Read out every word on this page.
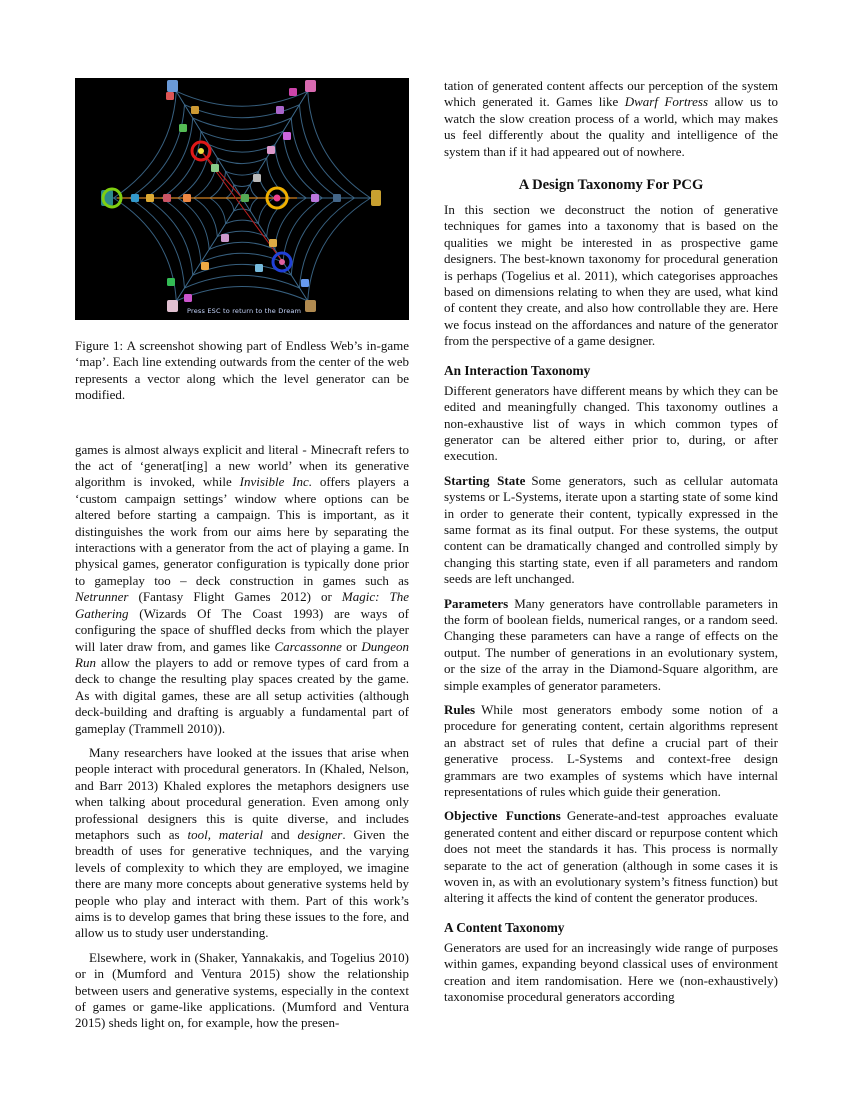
Press ESC to return to the Dream

Figure 1: A screenshot showing part of Endless Web’s in-game ‘map’. Each line extending outwards from the center of the web represents a vector along which the level generator can be modified.

games is almost always explicit and literal - Minecraft refers to the act of ‘generat[ing] a new world’ when its generative algorithm is invoked, while Invisible Inc. offers players a ‘custom campaign settings’ window where options can be altered before starting a campaign. This is important, as it distinguishes the work from our aims here by separating the interactions with a generator from the act of playing a game. In physical games, generator configuration is typically done prior to gameplay too – deck construction in games such as Netrunner (Fantasy Flight Games 2012) or Magic: The Gathering (Wizards Of The Coast 1993) are ways of configuring the space of shuffled decks from which the player will later draw from, and games like Carcassonne or Dungeon Run allow the players to add or remove types of card from a deck to change the resulting play spaces created by the game. As with digital games, these are all setup activities (although deck-building and drafting is arguably a fundamental part of gameplay (Trammell 2010)).

Many researchers have looked at the issues that arise when people interact with procedural generators. In (Khaled, Nelson, and Barr 2013) Khaled explores the metaphors designers use when talking about procedural generation. Even among only professional designers this is quite diverse, and includes metaphors such as tool, material and designer. Given the breadth of uses for generative techniques, and the varying levels of complexity to which they are employed, we imagine there are many more concepts about generative systems held by people who play and interact with them. Part of this work’s aims is to develop games that bring these issues to the fore, and allow us to study user understanding.

Elsewhere, work in (Shaker, Yannakakis, and Togelius 2010) or in (Mumford and Ventura 2015) show the relationship between users and generative systems, especially in the context of games or game-like applications. (Mumford and Ventura 2015) sheds light on, for example, how the presen-

tation of generated content affects our perception of the system which generated it. Games like Dwarf Fortress allow us to watch the slow creation process of a world, which may makes us feel differently about the quality and intelligence of the system than if it had appeared out of nowhere.

A Design Taxonomy For PCG

In this section we deconstruct the notion of generative techniques for games into a taxonomy that is based on the qualities we might be interested in as prospective game designers. The best-known taxonomy for procedural generation is perhaps (Togelius et al. 2011), which categorises approaches based on dimensions relating to when they are used, what kind of content they create, and also how controllable they are. Here we focus instead on the affordances and nature of the generator from the perspective of a game designer.

An Interaction Taxonomy

Different generators have different means by which they can be edited and meaningfully changed. This taxonomy outlines a non-exhaustive list of ways in which common types of generator can be altered either prior to, during, or after execution.

Starting State Some generators, such as cellular automata systems or L-Systems, iterate upon a starting state of some kind in order to generate their content, typically expressed in the same format as its final output. For these systems, the output content can be dramatically changed and controlled simply by changing this starting state, even if all parameters and random seeds are left unchanged.

Parameters Many generators have controllable parameters in the form of boolean fields, numerical ranges, or a random seed. Changing these parameters can have a range of effects on the output. The number of generations in an evolutionary system, or the size of the array in the Diamond-Square algorithm, are simple examples of generator parameters.

Rules While most generators embody some notion of a procedure for generating content, certain algorithms represent an abstract set of rules that define a crucial part of their generative process. L-Systems and context-free design grammars are two examples of systems which have internal representations of rules which guide their generation.

Objective Functions Generate-and-test approaches evaluate generated content and either discard or repurpose content which does not meet the standards it has. This process is normally separate to the act of generation (although in some cases it is woven in, as with an evolutionary system’s fitness function) but altering it affects the kind of content the generator produces.

A Content Taxonomy

Generators are used for an increasingly wide range of purposes within games, expanding beyond classical uses of environment creation and item randomisation. Here we (non-exhaustively) taxonomise procedural generators according
